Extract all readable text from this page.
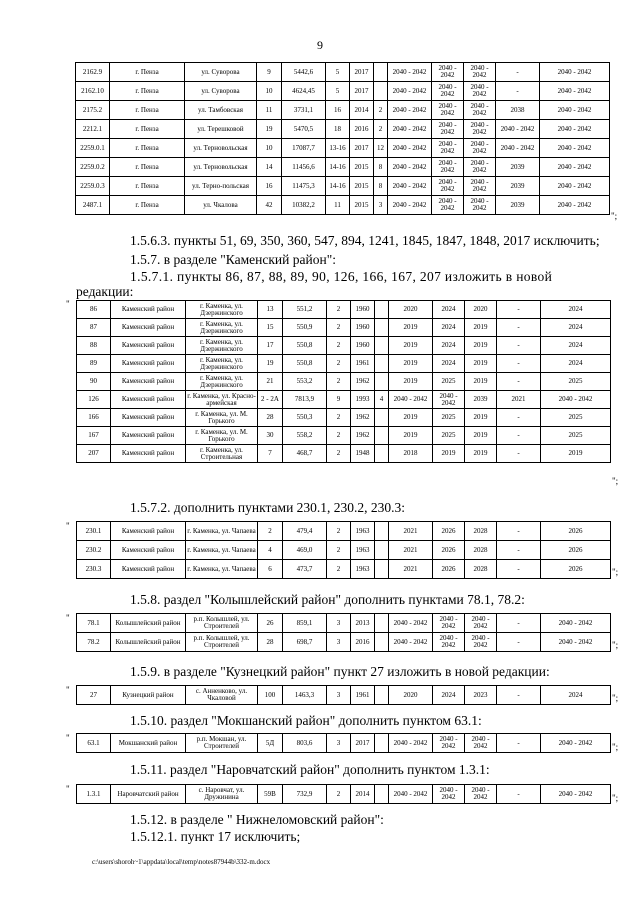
9
2162.9	г. Пенза	ул. Суворова	9	5442,6	5	2017		2040 - 2042	2040 - 2042	2040 - 2042	-	2040 - 2042
2162.10	г. Пенза	ул. Суворова	10	4624,45	5	2017		2040 - 2042	2040 - 2042	2040 - 2042	-	2040 - 2042
2175.2	г. Пенза	ул. Тамбовская	11	3731,1	16	2014	2	2040 - 2042	2040 - 2042	2040 - 2042	2038	2040 - 2042
2212.1	г. Пенза	ул. Терешковой	19	5470,5	18	2016	2	2040 - 2042	2040 - 2042	2040 - 2042	2040 - 2042	2040 - 2042
2259.0.1	г. Пенза	ул. Терновольская	10	17087,7	13-16	2017	12	2040 - 2042	2040 - 2042	2040 - 2042	2040 - 2042	2040 - 2042
2259.0.2	г. Пенза	ул. Терновольская	14	11456,6	14-16	2015	8	2040 - 2042	2040 - 2042	2040 - 2042	2039	2040 - 2042
2259.0.3	г. Пенза	ул. Терно-польская	16	11475,3	14-16	2015	8	2040 - 2042	2040 - 2042	2040 - 2042	2039	2040 - 2042
2487.1	г. Пенза	ул. Чкалова	42	10382,2	11	2015	3	2040 - 2042	2040 - 2042	2040 - 2042	2039	2040 - 2042
";
1.5.6.3. пункты 51, 69, 350, 360, 547, 894, 1241, 1845, 1847, 1848, 2017 исключить;
1.5.7. в разделе "Каменский район":
1.5.7.1. пункты 86, 87, 88, 89, 90, 126, 166, 167, 207 изложить в новой
редакции:
"	86	Каменский район	г. Каменка, ул. Дзержинского	13	551,2	2	1960		2020	2024	2020	-	2024
87	Каменский район	г. Каменка, ул. Дзержинского	15	550,9	2	1960		2019	2024	2019	-	2024
88	Каменский район	г. Каменка, ул. Дзержинского	17	550,8	2	1960		2019	2024	2019	-	2024
89	Каменский район	г. Каменка, ул. Дзержинского	19	550,8	2	1961		2019	2024	2019	-	2024
90	Каменский район	г. Каменка, ул. Дзержинского	21	553,2	2	1962		2019	2025	2019	-	2025
126	Каменский район	г. Каменка, ул. Красно-армейская	2 - 2А	7813,9	9	1993	4	2040 - 2042	2040 - 2042	2039	2021	2040 - 2042
166	Каменский район	г. Каменка, ул. М. Горького	28	550,3	2	1962		2019	2025	2019	-	2025
167	Каменский район	г. Каменка, ул. М. Горького	30	558,2	2	1962		2019	2025	2019	-	2025
207	Каменский район	г. Каменка, ул. Строительная	7	468,7	2	1948		2018	2019	2019	-	2019
";
1.5.7.2. дополнить пунктами 230.1, 230.2, 230.3:
" 230.1	Каменский район	г. Каменка, ул. Чапаева	2	479,4	2	1963		2021	2026	2028	-	2026
230.2	Каменский район	г. Каменка, ул. Чапаева	4	469,0	2	1963		2021	2026	2028	-	2026
230.3	Каменский район	г. Каменка, ул. Чапаева	6	473,7	2	1963		2021	2026	2028	-	2026	";
1.5.8. раздел "Колышлейский район" дополнить пунктами 78.1, 78.2:
"	78.1	Колышлейский район	р.п. Колышлей, ул. Строителей	26	859,1	3	2013		2040 - 2042	2040 - 2042	2040 - 2042	-	2040 - 2042
78.2	Колышлейский район	р.п. Колышлей, ул. Строителей	28	698,7	3	2016		2040 - 2042	2040 - 2042	2040 - 2042	-	2040 - 2042 ";
1.5.9. в разделе "Кузнецкий район" пункт 27 изложить в новой редакции:
"	27	Кузнецкий район	с. Анненково, ул. Чкаловой	100	1463,3	3	1961		2020	2024	2023	-	2024	";
1.5.10. раздел "Мокшанский район" дополнить пунктом 63.1:
"	63.1	Мокшанский район	р.п. Мокшан, ул. Строителей	5Д	803,6	3	2017		2040 - 2042	2040 - 2042	2040 - 2042	-	2040 - 2042 ";
1.5.11. раздел "Наровчатский район" дополнить пунктом 1.3.1:
" 1.3.1	Наровчатский район	с. Наровчат, ул. Дружинина	59В	732,9	2	2014		2040 - 2042	2040 - 2042	2040 - 2042	-	2040 - 2042 ";
1.5.12. в разделе " Нижнеломовский район":
1.5.12.1. пункт 17 исключить;
c:\users\shoroh~1\appdata\local\temp\notes87944b\332-m.docx
